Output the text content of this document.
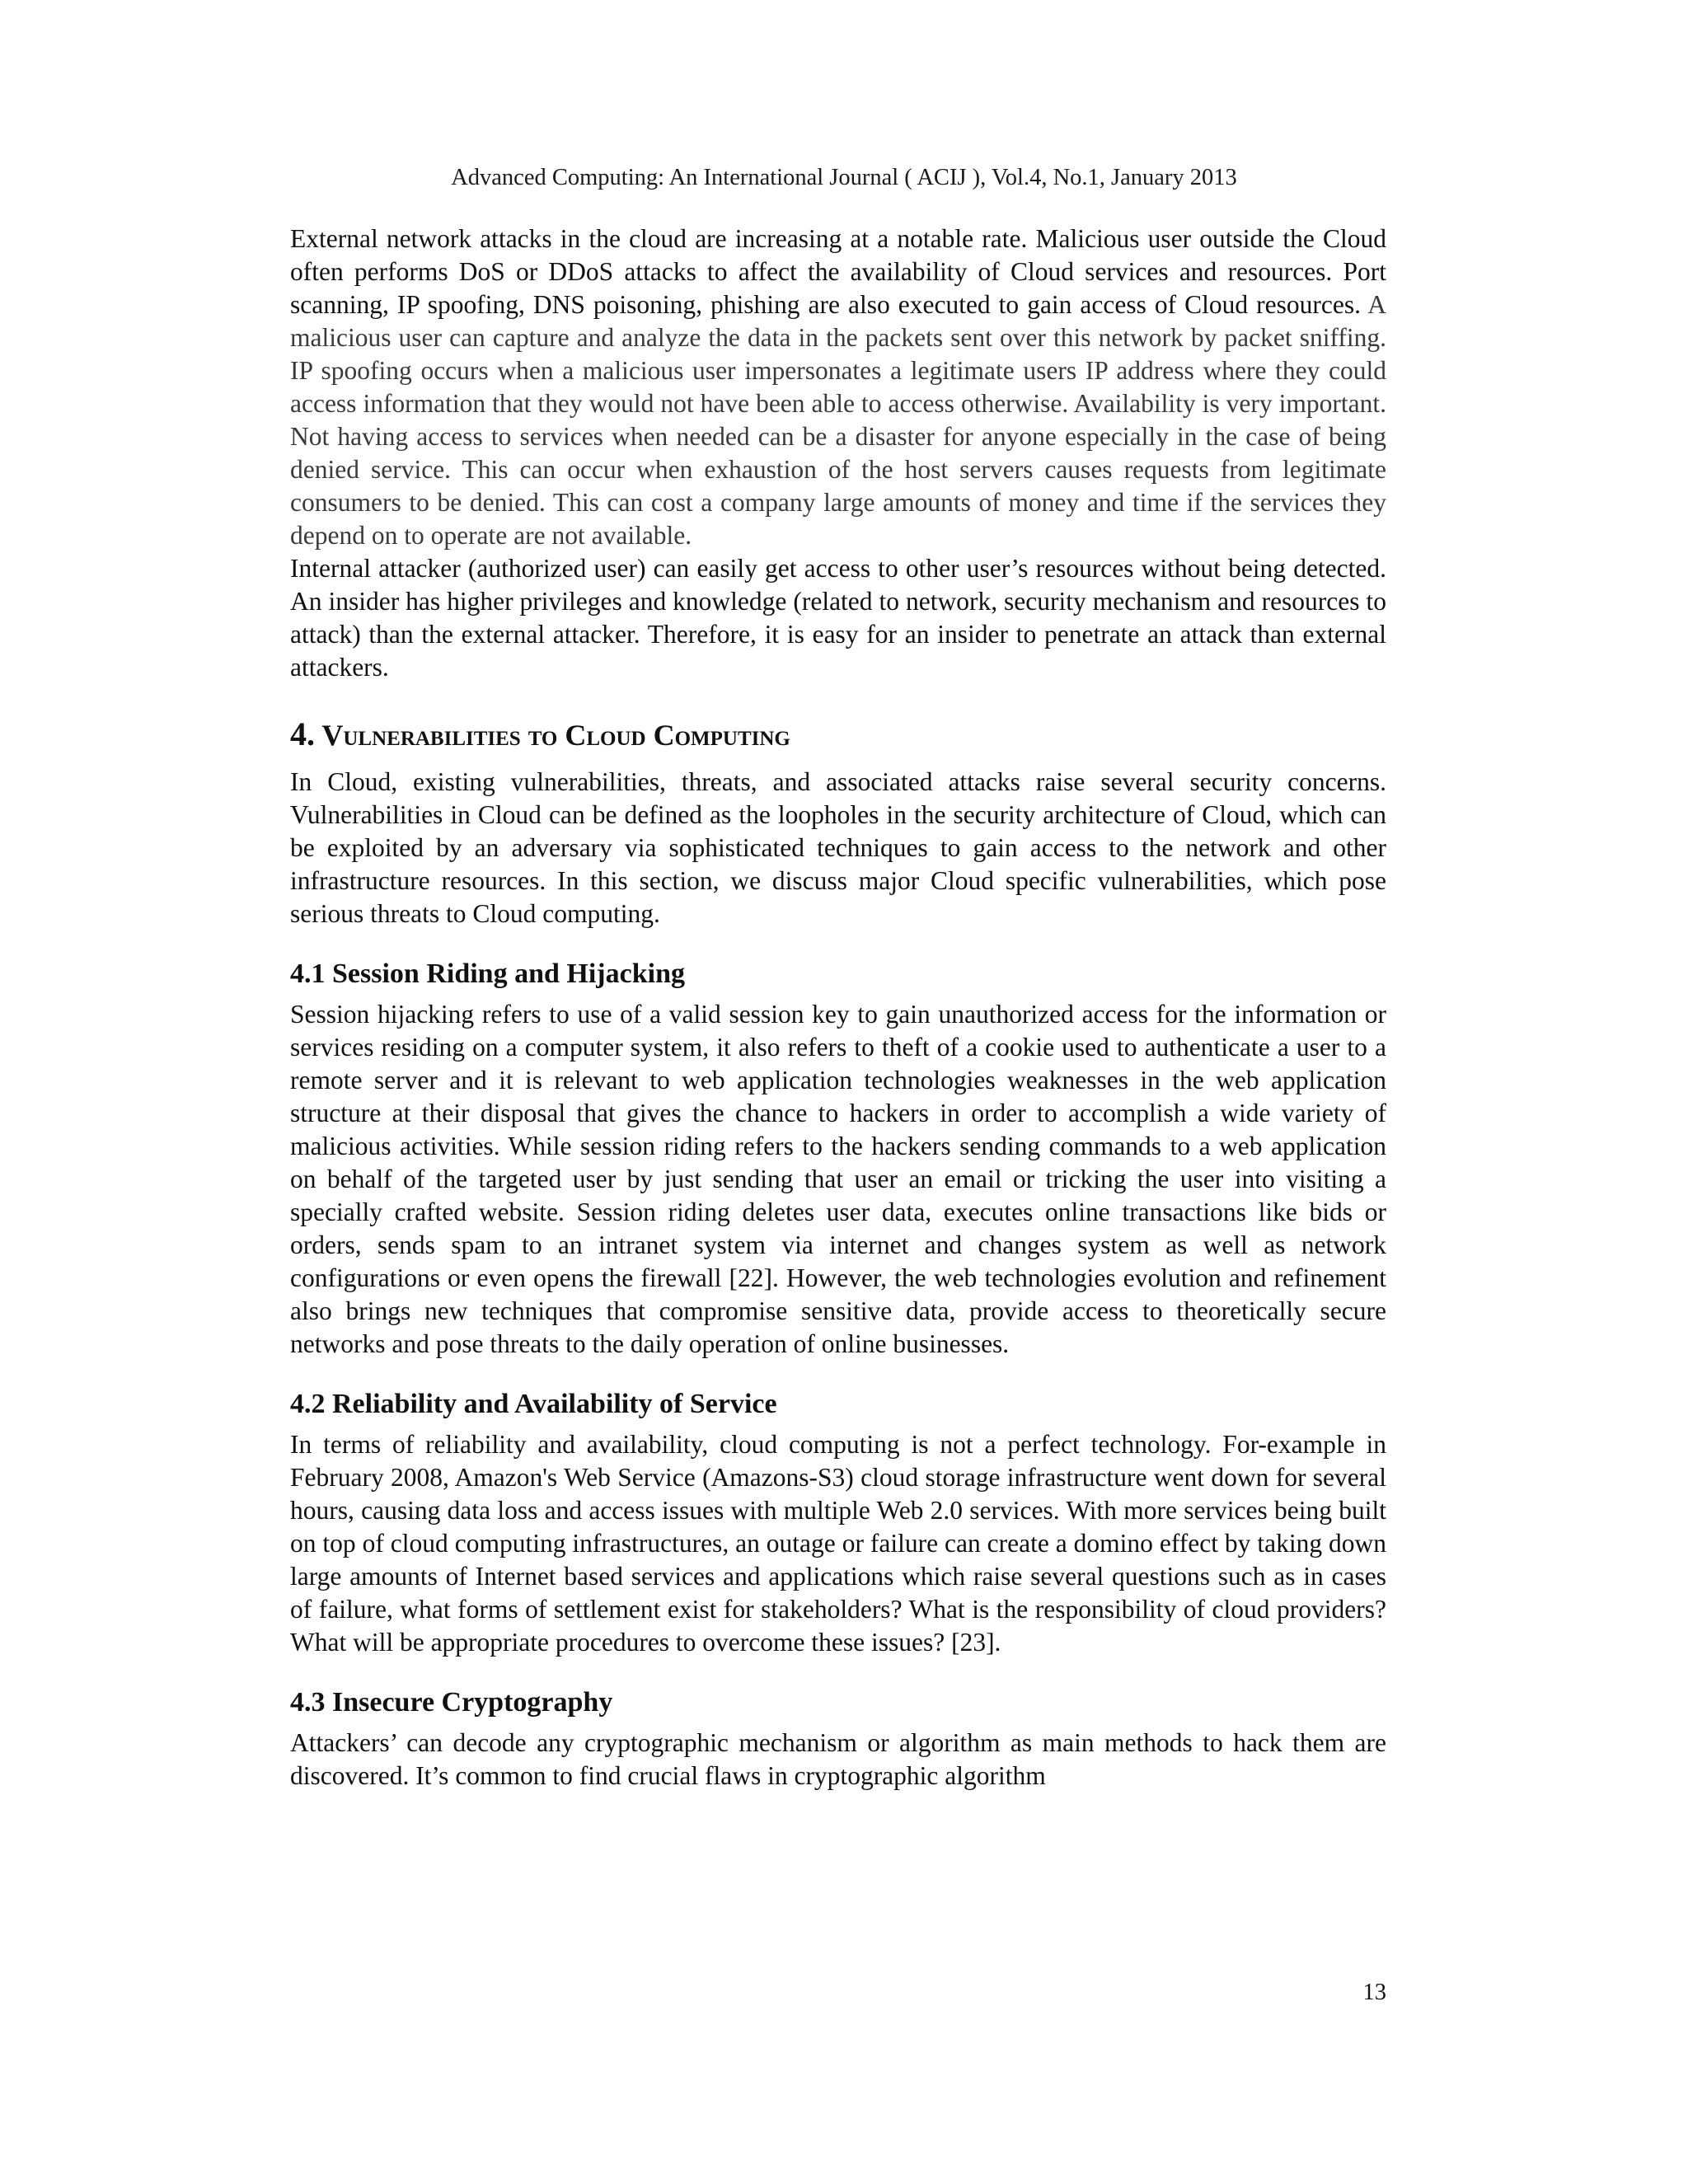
Advanced Computing: An International Journal ( ACIJ ), Vol.4, No.1, January 2013

External network attacks in the cloud are increasing at a notable rate. Malicious user outside the Cloud often performs DoS or DDoS attacks to affect the availability of Cloud services and resources. Port scanning, IP spoofing, DNS poisoning, phishing are also executed to gain access of Cloud resources. A malicious user can capture and analyze the data in the packets sent over this network by packet sniffing. IP spoofing occurs when a malicious user impersonates a legitimate users IP address where they could access information that they would not have been able to access otherwise. Availability is very important. Not having access to services when needed can be a disaster for anyone especially in the case of being denied service. This can occur when exhaustion of the host servers causes requests from legitimate consumers to be denied. This can cost a company large amounts of money and time if the services they depend on to operate are not available.

Internal attacker (authorized user) can easily get access to other user’s resources without being detected. An insider has higher privileges and knowledge (related to network, security mechanism and resources to attack) than the external attacker. Therefore, it is easy for an insider to penetrate an attack than external attackers.

4. Vulnerabilities to Cloud Computing

In Cloud, existing vulnerabilities, threats, and associated attacks raise several security concerns. Vulnerabilities in Cloud can be defined as the loopholes in the security architecture of Cloud, which can be exploited by an adversary via sophisticated techniques to gain access to the network and other infrastructure resources. In this section, we discuss major Cloud specific vulnerabilities, which pose serious threats to Cloud computing.

4.1 Session Riding and Hijacking

Session hijacking refers to use of a valid session key to gain unauthorized access for the information or services residing on a computer system, it also refers to theft of a cookie used to authenticate a user to a remote server and it is relevant to web application technologies weaknesses in the web application structure at their disposal that gives the chance to hackers in order to accomplish a wide variety of malicious activities. While session riding refers to the hackers sending commands to a web application on behalf of the targeted user by just sending that user an email or tricking the user into visiting a specially crafted website. Session riding deletes user data, executes online transactions like bids or orders, sends spam to an intranet system via internet and changes system as well as network configurations or even opens the firewall [22]. However, the web technologies evolution and refinement also brings new techniques that compromise sensitive data, provide access to theoretically secure networks and pose threats to the daily operation of online businesses.

4.2 Reliability and Availability of Service

In terms of reliability and availability, cloud computing is not a perfect technology. For-example in February 2008, Amazon's Web Service (Amazons-S3) cloud storage infrastructure went down for several hours, causing data loss and access issues with multiple Web 2.0 services. With more services being built on top of cloud computing infrastructures, an outage or failure can create a domino effect by taking down large amounts of Internet based services and applications which raise several questions such as in cases of failure, what forms of settlement exist for stakeholders? What is the responsibility of cloud providers? What will be appropriate procedures to overcome these issues? [23].

4.3 Insecure Cryptography

Attackers’ can decode any cryptographic mechanism or algorithm as main methods to hack them are discovered. It’s common to find crucial flaws in cryptographic algorithm

13
